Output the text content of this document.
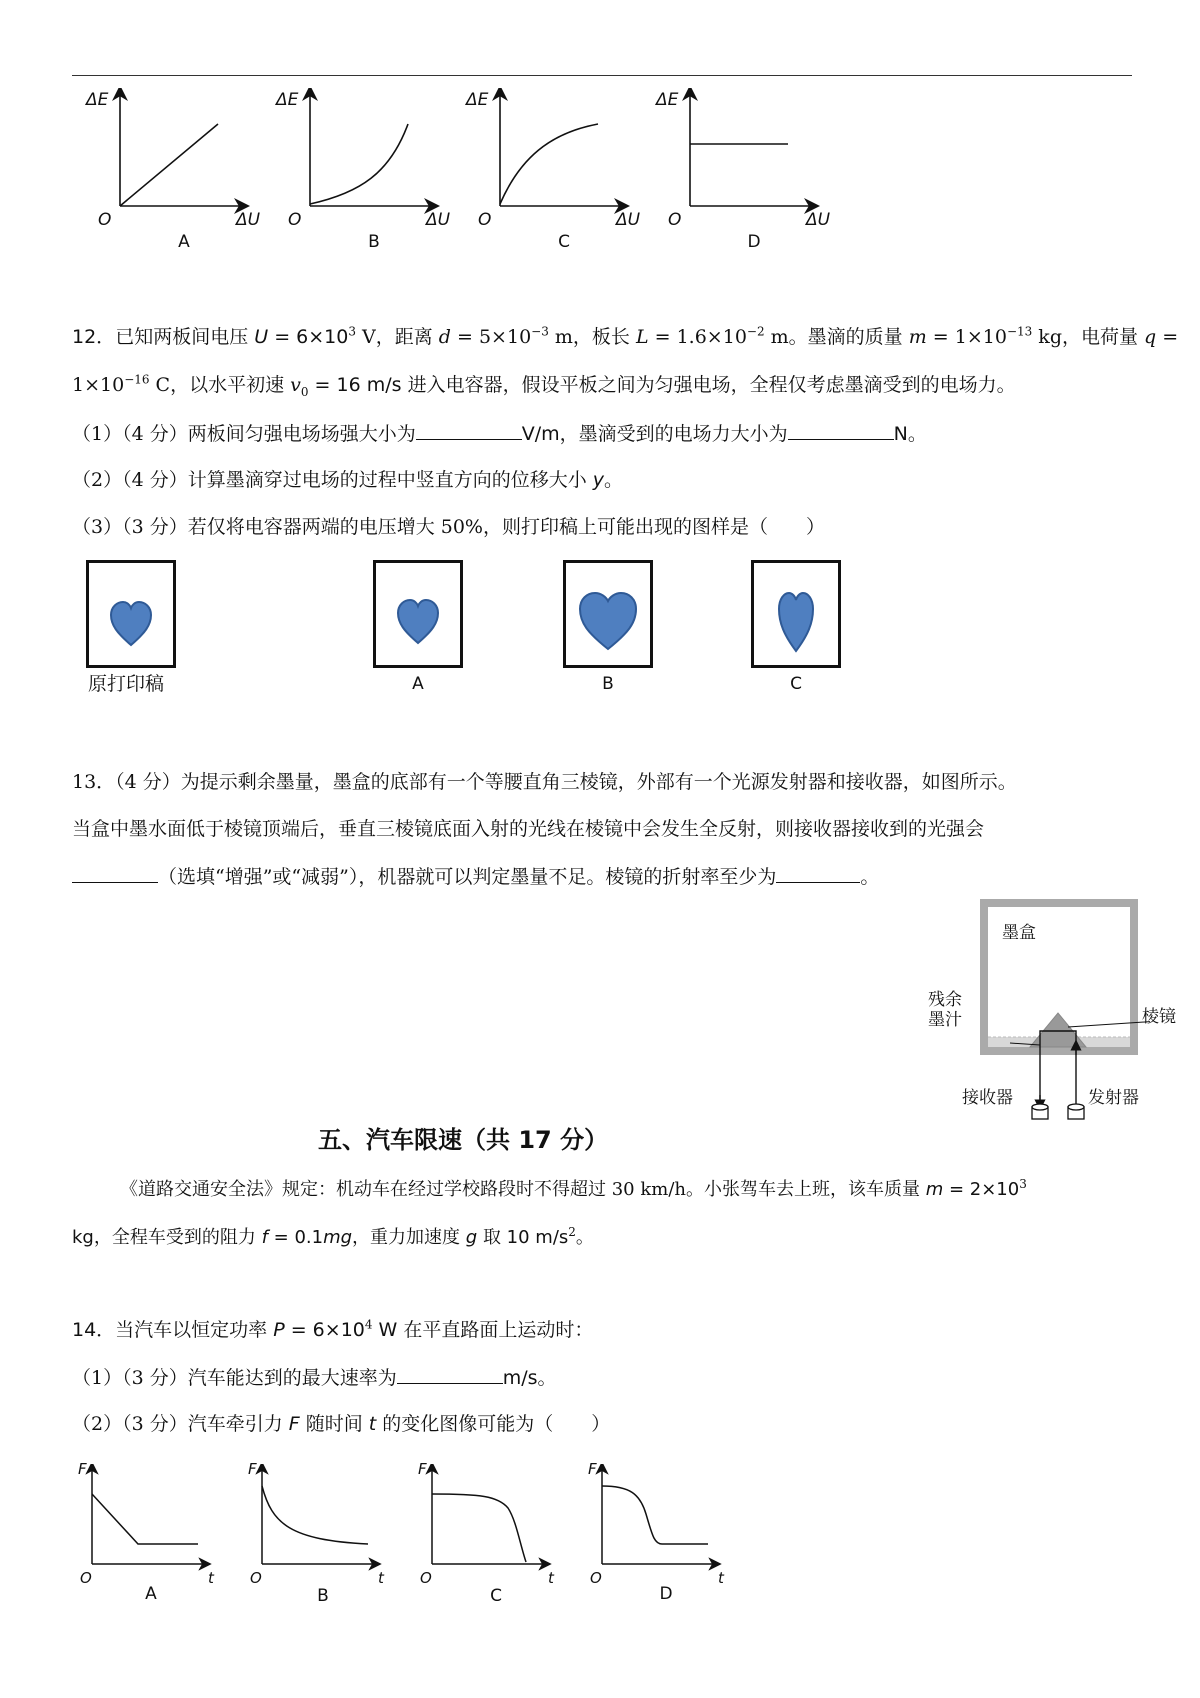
ΔE	ΔE	ΔE	ΔE
O	O	O	O
ΔU	ΔU	ΔU	ΔU
A	B	C	D
12．已知两板间电压 $U = 6\times 10^3$ V，距离 $d = 5\times 10^{-3}$ m，板长 $L = 1.6\times 10^{-2}$ m。墨滴的质量 $m = 1\times 10^{-13}$ kg，电荷量 q =
$1\times 10^{-16}$ C，以水平初速 $v_0 = 16$ m/s 进入电容器，假设平板之间为匀强电场，全程仅考虑墨滴受到的电场力。
（1）（4 分）两板间匀强电场场强大小为	V/m，墨滴受到的电场力大小为	N。
（2）（4 分）计算墨滴穿过电场的过程中竖直方向的位移大小 y。
（3）（3 分）若仅将电容器两端的电压增大 50%，则打印稿上可能出现的图样是（　　）
原打印稿	A	B	C
13．（4 分）为提示剩余墨量，墨盒的底部有一个等腰直角三棱镜，外部有一个光源发射器和接收器，如图所示。
当盒中墨水面低于棱镜顶端后，垂直三棱镜底面入射的光线在棱镜中会发生全反射，则接收器接收到的光强会
（选填“增强”或“减弱”），机器就可以判定墨量不足。棱镜的折射率至少为	。
墨盒
残余
墨汁	棱镜
接收器	发射器
五、汽车限速（共 17 分）
《道路交通安全法》规定：机动车在经过学校路段时不得超过 30 km/h。小张驾车去上班，该车质量 $m = 2\times 10^3$
kg，全程车受到的阻力 f = 0.1mg，重力加速度 g 取 10 $m/s^2$。
14．当汽车以恒定功率 $P = 6\times 10^4$ W 在平直路面上运动时：
（1）（3 分）汽车能达到的最大速率为	m/s。
（2）（3 分）汽车牵引力 F 随时间 t 的变化图像可能为（　　）
F	F	F	F
O	O	O	O
t	t	t	t
A	B	C	D
